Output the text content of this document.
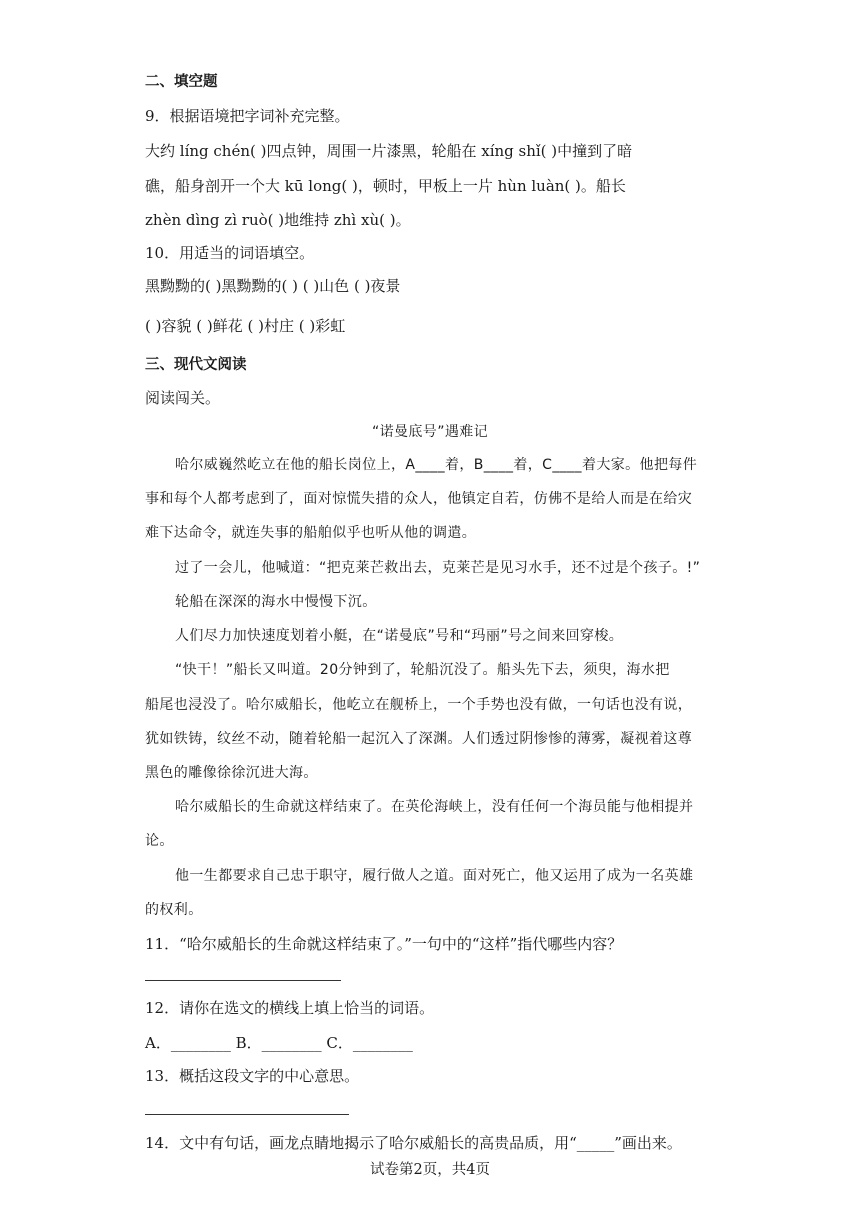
二、填空题
9．根据语境把字词补充完整。
大约 líng chén( )四点钟，周围一片漆黑，轮船在 xíng shǐ( )中撞到了暗
礁，船身剖开一个大 kū long( )，顿时，甲板上一片 hùn luàn( )。船长
zhèn dìng zì ruò( )地维持 zhì xù( )。
10．用适当的词语填空。
黑黝黝的( )黑黝黝的( ) ( )山色 ( )夜景
( )容貌 ( )鲜花 ( )村庄 ( )彩虹
三、现代文阅读
阅读闯关。
“诺曼底号”遇难记
哈尔威巍然屹立在他的船长岗位上，A____着，B____着，C____着大家。他把每件
事和每个人都考虑到了，面对惊慌失措的众人，他镇定自若，仿佛不是给人而是在给灾
难下达命令，就连失事的船舶似乎也听从他的调遣。
过了一会儿，他喊道：“把克莱芒救出去，克莱芒是见习水手，还不过是个孩子。!”
轮船在深深的海水中慢慢下沉。
人们尽力加快速度划着小艇，在“诺曼底”号和“玛丽”号之间来回穿梭。
“快干！”船长又叫道。20分钟到了，轮船沉没了。船头先下去，须臾，海水把
船尾也浸没了。哈尔威船长，他屹立在舰桥上，一个手势也没有做，一句话也没有说，
犹如铁铸，纹丝不动，随着轮船一起沉入了深渊。人们透过阴惨惨的薄雾，凝视着这尊
黑色的雕像徐徐沉进大海。
哈尔威船长的生命就这样结束了。在英伦海峡上，没有任何一个海员能与他相提并
论。
他一生都要求自己忠于职守，履行做人之道。面对死亡，他又运用了成为一名英雄
的权利。
11．“哈尔威船长的生命就这样结束了。”一句中的“这样”指代哪些内容？
12．请你在选文的横线上填上恰当的词语。
A．________ B．________ C．________
13．概括这段文字的中心意思。
14．文中有句话，画龙点睛地揭示了哈尔威船长的高贵品质，用“_____”画出来。
试卷第2页，共4页
